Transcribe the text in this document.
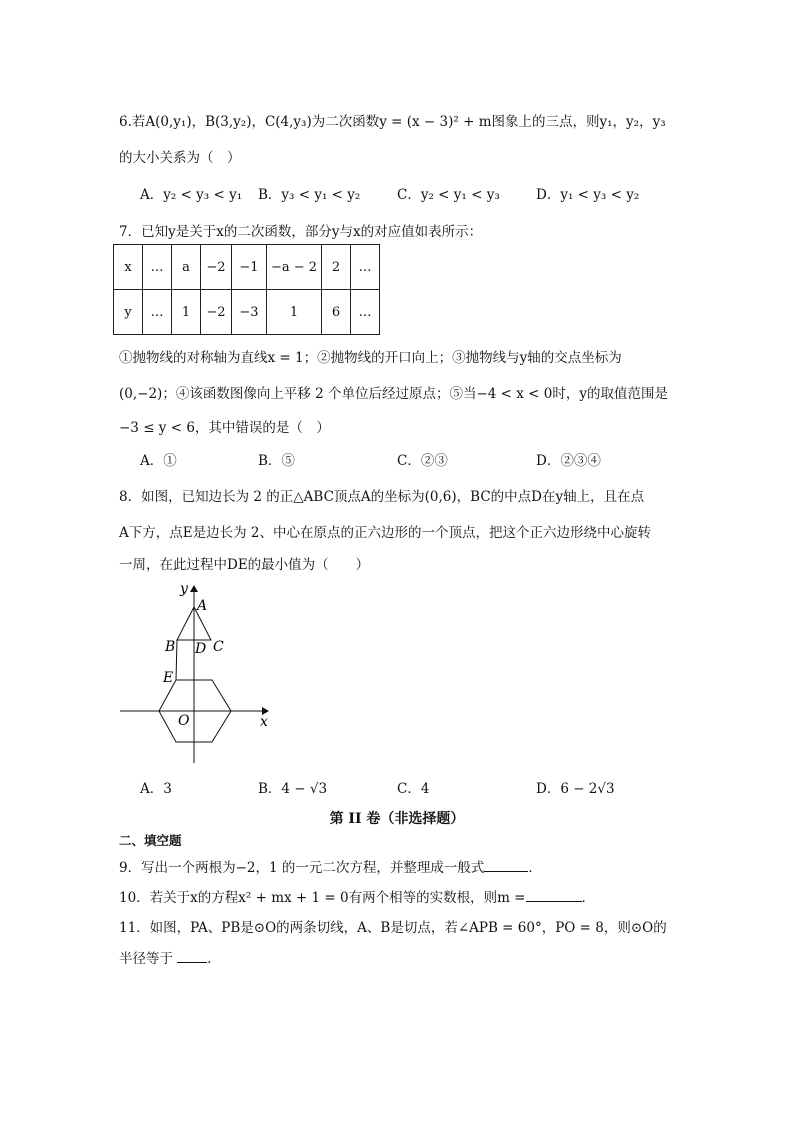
6.若A(0,y₁)，B(3,y₂)，C(4,y₃)为二次函数y = (x − 3)² + m图象上的三点，则y₁，y₂，y₃
的大小关系为（　）
A．y₂ < y₃ < y₁ B．y₃ < y₁ < y₂	C．y₂ < y₁ < y₃	D．y₁ < y₃ < y₂
7．已知y是关于x的二次函数，部分y与x的对应值如表所示：
x	…	a	−2	−1	−a − 2	2	…
y	…	1	−2	−3	1	6	…
①抛物线的对称轴为直线x = 1；②抛物线的开口向上；③抛物线与y轴的交点坐标为
(0,−2)；④该函数图像向上平移 2 个单位后经过原点；⑤当−4 < x < 0时，y的取值范围是
−3 ≤ y < 6，其中错误的是（　）
A．①	B．⑤	C．②③	D．②③④
8．如图，已知边长为 2 的正△ABC顶点A的坐标为(0,6)，BC的中点D在y轴上，且在点
A下方，点E是边长为 2、中心在原点的正六边形的一个顶点，把这个正六边形绕中心旋转
一周，在此过程中DE的最小值为（　　）
y
A
B D C
E
O	x
A．3	B．4 − √3	C．4	D．6 − 2√3
第 II 卷（非选择题）
二、填空题
9．写出一个两根为−2，1 的一元二次方程，并整理成一般式	．
10．若关于x的方程x² + mx + 1 = 0有两个相等的实数根，则m =	．
11．如图，PA、PB是⊙O的两条切线，A、B是切点，若∠APB = 60°，PO = 8，则⊙O的
半径等于	．
